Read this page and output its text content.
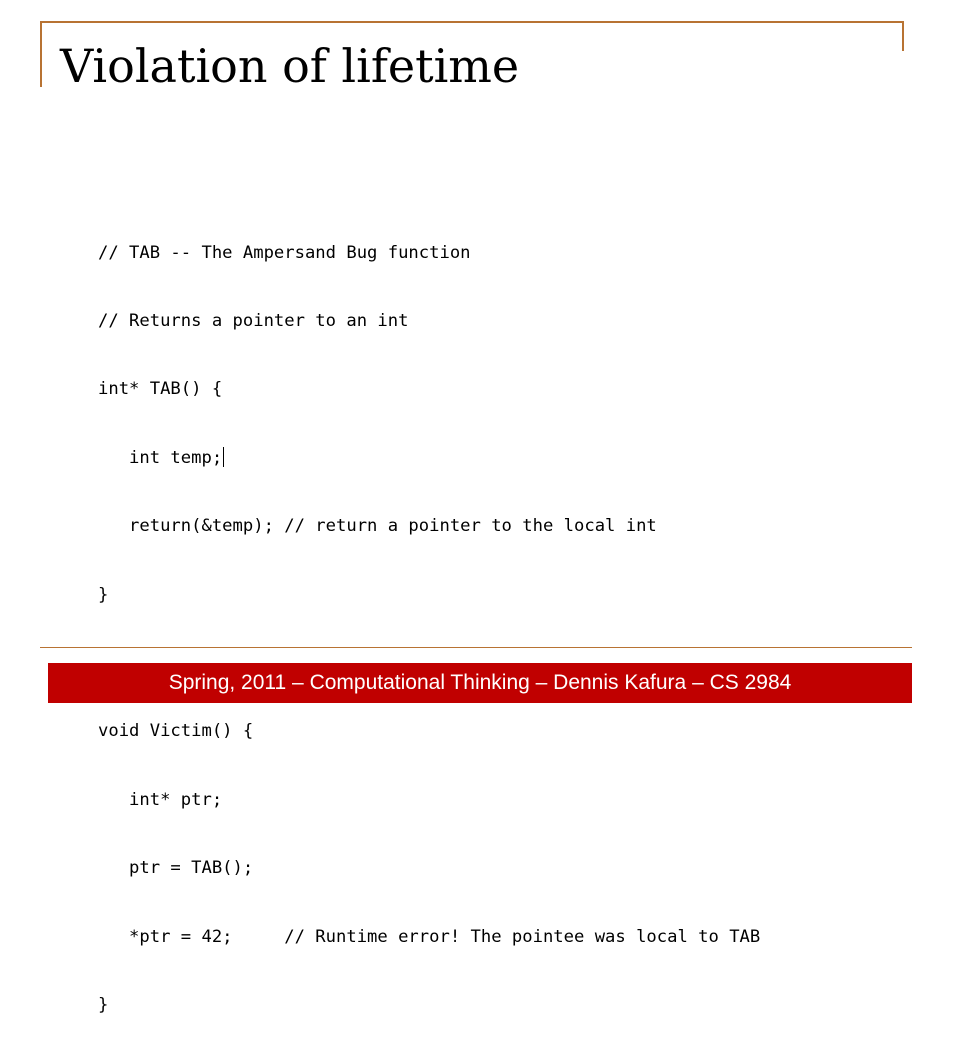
Violation of lifetime

// TAB -- The Ampersand Bug function

// Returns a pointer to an int

int* TAB() {

int temp;

return(&temp); // return a pointer to the local int

}

void Victim() {

int* ptr;

ptr = TAB();

*ptr = 42;     // Runtime error! The pointee was local to TAB

}

Spring, 2011 – Computational Thinking – Dennis Kafura – CS 2984
